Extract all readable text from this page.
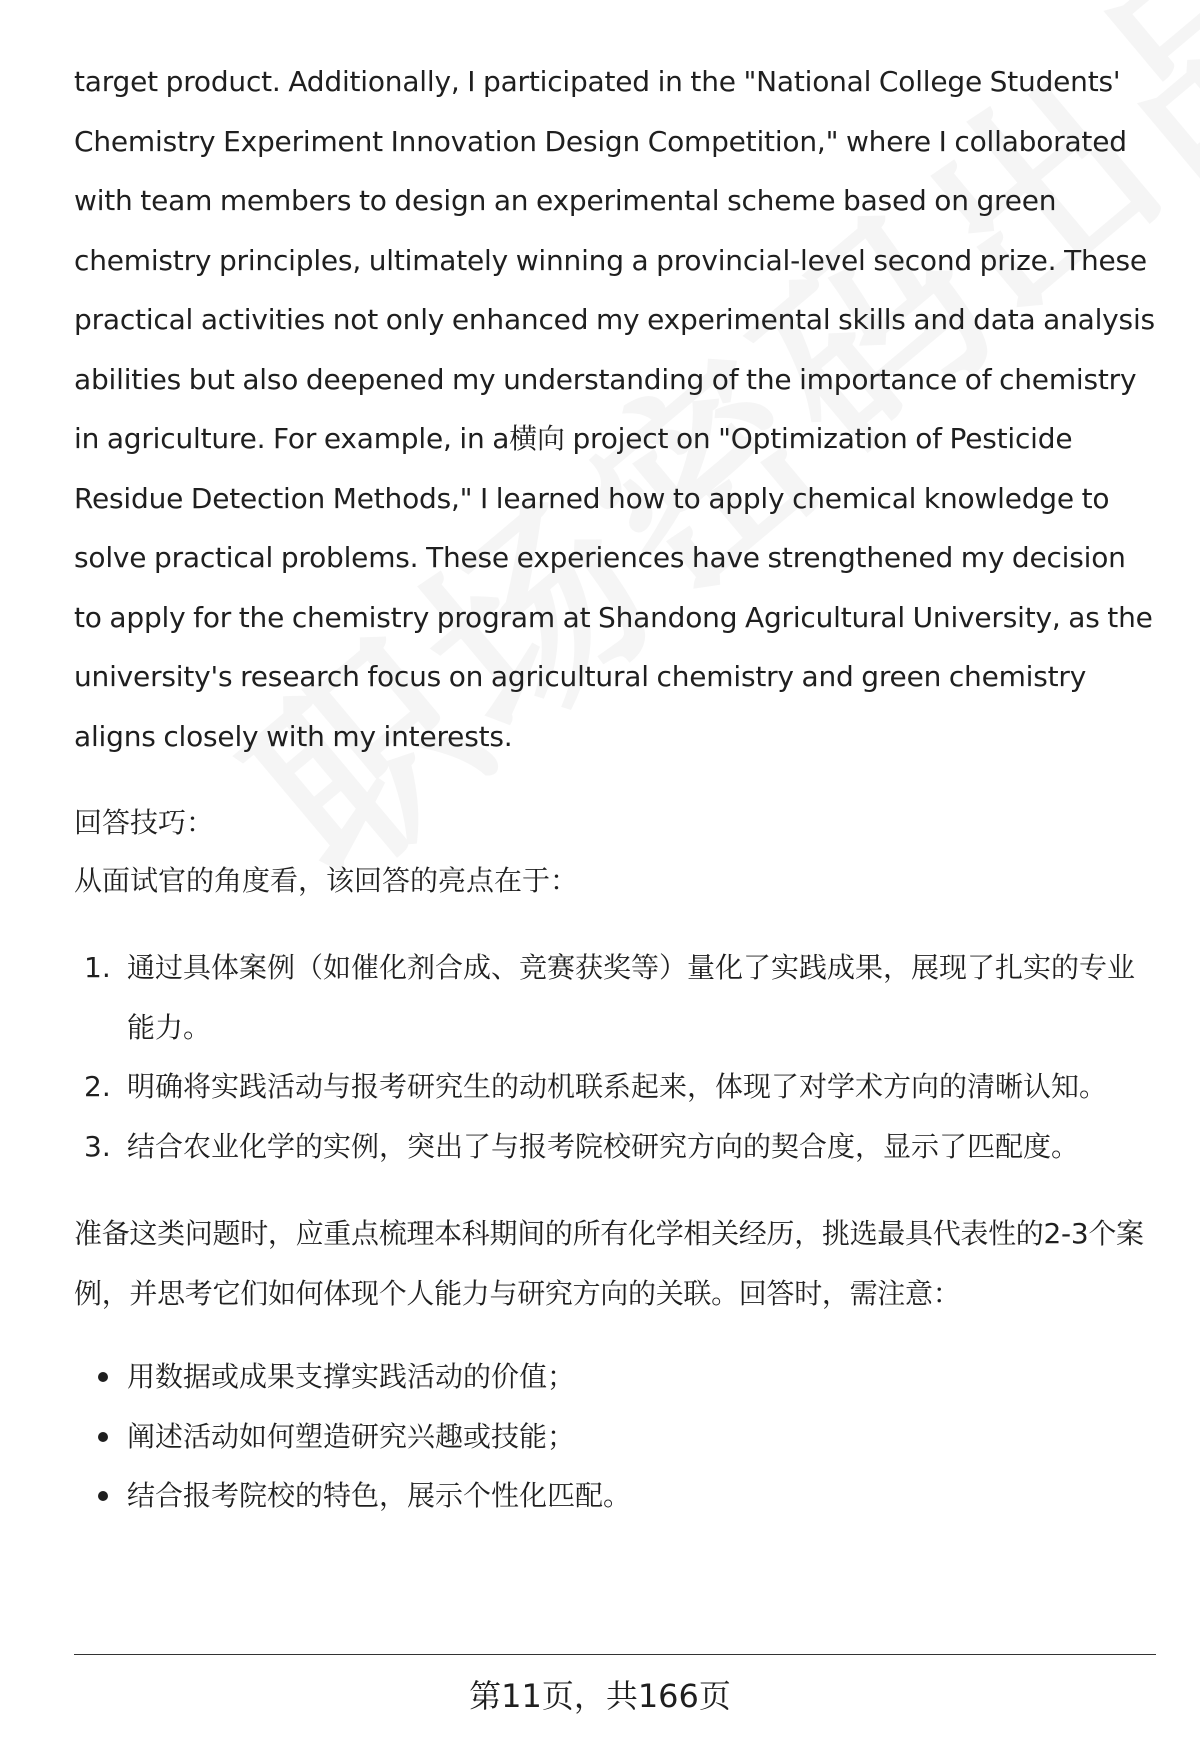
target product. Additionally, I participated in the "National College Students' Chemistry Experiment Innovation Design Competition," where I collaborated with team members to design an experimental scheme based on green chemistry principles, ultimately winning a provincial-level second prize. These practical activities not only enhanced my experimental skills and data analysis abilities but also deepened my understanding of the importance of chemistry in agriculture. For example, in a横向 project on "Optimization of Pesticide Residue Detection Methods," I learned how to apply chemical knowledge to solve practical problems. These experiences have strengthened my decision to apply for the chemistry program at Shandong Agricultural University, as the university's research focus on agricultural chemistry and green chemistry aligns closely with my interests.

回答技巧：

从面试官的角度看，该回答的亮点在于：

1. 通过具体案例（如催化剂合成、竞赛获奖等）量化了实践成果，展现了扎实的专业能力。
2. 明确将实践活动与报考研究生的动机联系起来，体现了对学术方向的清晰认知。
3. 结合农业化学的实例，突出了与报考院校研究方向的契合度，显示了匹配度。

准备这类问题时，应重点梳理本科期间的所有化学相关经历，挑选最具代表性的2-3个案例，并思考它们如何体现个人能力与研究方向的关联。回答时，需注意：

用数据或成果支撑实践活动的价值；
阐述活动如何塑造研究兴趣或技能；
结合报考院校的特色，展示个性化匹配。
第11页，共166页
